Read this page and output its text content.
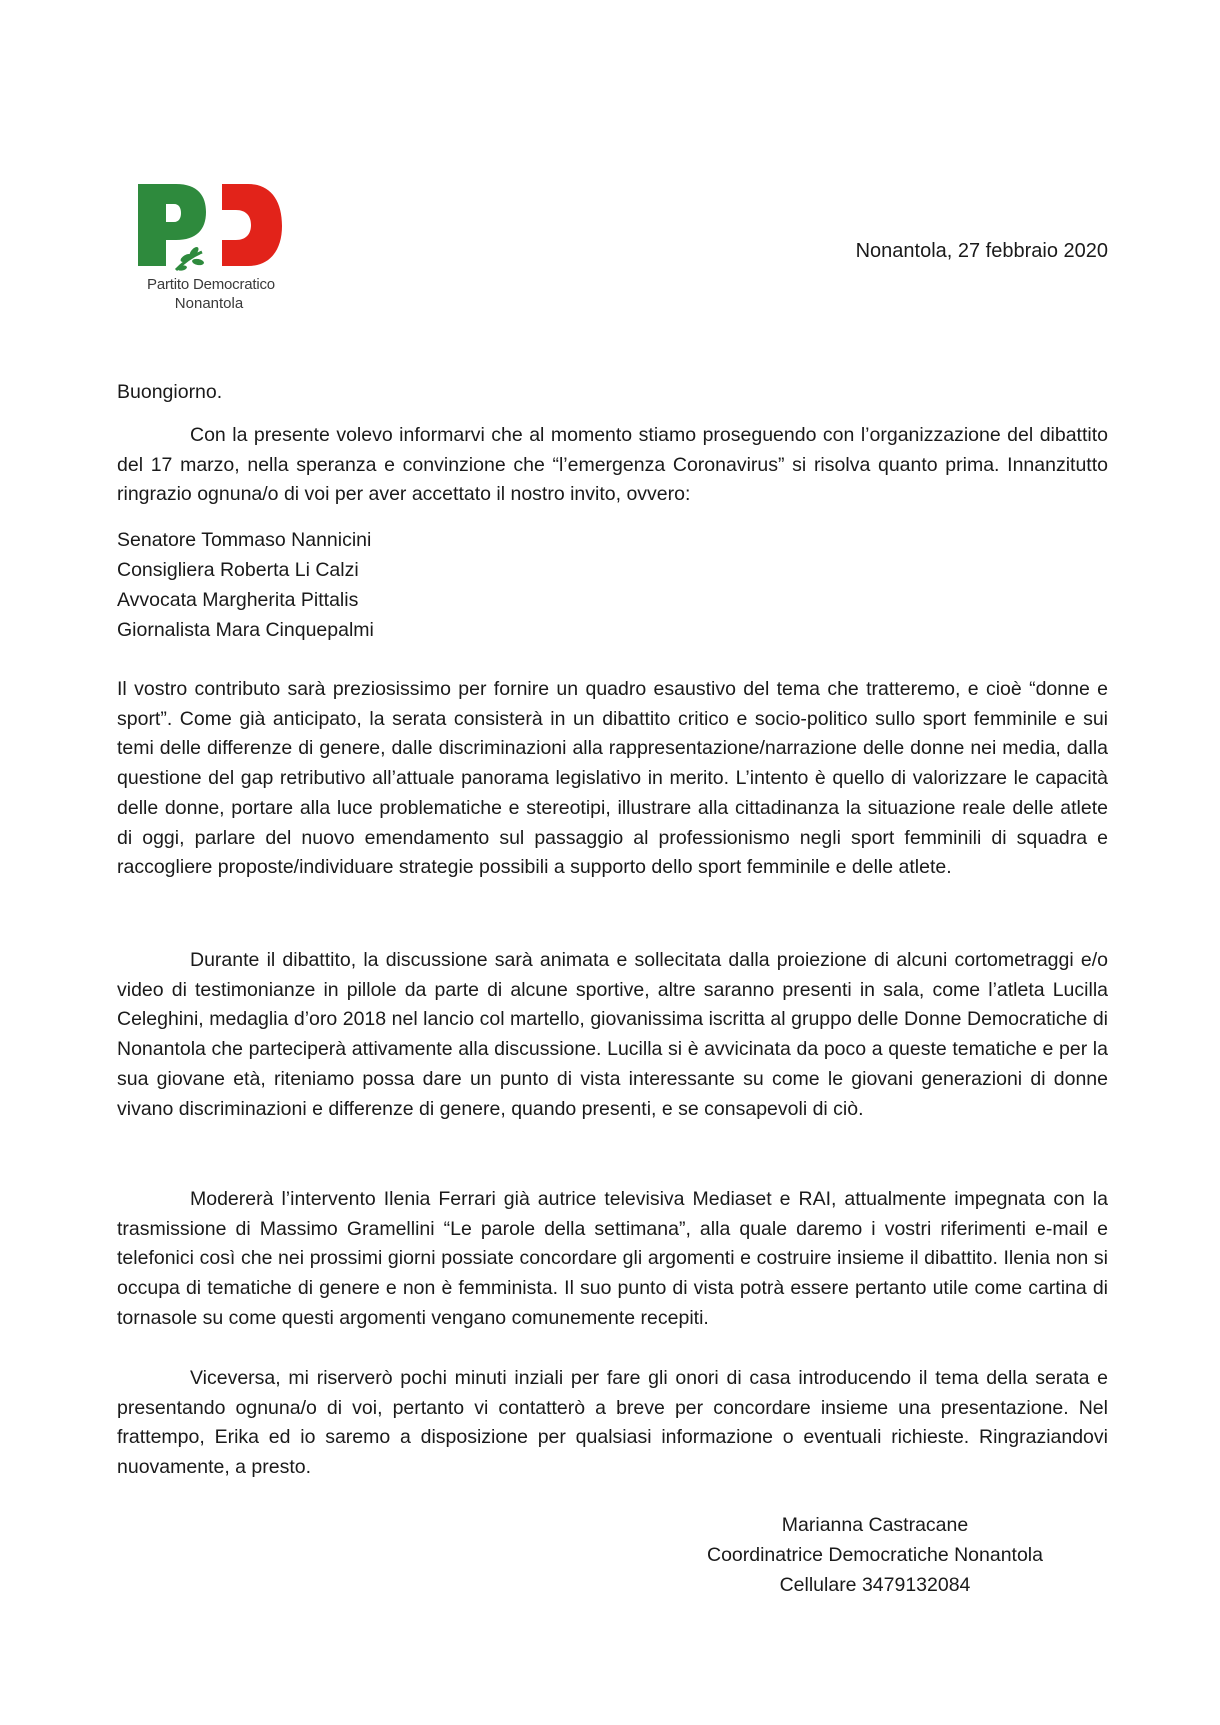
Partito Democratico
Nonantola
Nonantola, 27 febbraio 2020
Buongiorno.

Con la presente volevo informarvi che al momento stiamo proseguendo con l’organizzazione del dibattito del 17 marzo, nella speranza e convinzione che “l’emergenza Coronavirus” si risolva quanto prima. Innanzitutto ringrazio ognuna/o di voi per aver accettato il nostro invito, ovvero:

Senatore Tommaso Nannicini
Consigliera Roberta Li Calzi
Avvocata Margherita Pittalis
Giornalista Mara Cinquepalmi

Il vostro contributo sarà preziosissimo per fornire un quadro esaustivo del tema che tratteremo, e cioè “donne e sport”. Come già anticipato, la serata consisterà in un dibattito critico e socio-politico sullo sport femminile e sui temi delle differenze di genere, dalle discriminazioni alla rappresentazione/narrazione delle donne nei media, dalla questione del gap retributivo all’attuale panorama legislativo in merito. L’intento è quello di valorizzare le capacità delle donne, portare alla luce problematiche e stereotipi, illustrare alla cittadinanza la situazione reale delle atlete di oggi, parlare del nuovo emendamento sul passaggio al professionismo negli sport femminili di squadra e raccogliere proposte/individuare strategie possibili a supporto dello sport femminile e delle atlete.

Durante il dibattito, la discussione sarà animata e sollecitata dalla proiezione di alcuni cortometraggi e/o video di testimonianze in pillole da parte di alcune sportive, altre saranno presenti in sala, come l’atleta Lucilla Celeghini, medaglia d’oro 2018 nel lancio col martello, giovanissima iscritta al gruppo delle Donne Democratiche di Nonantola che parteciperà attivamente alla discussione. Lucilla si è avvicinata da poco a queste tematiche e per la sua giovane età, riteniamo possa dare un punto di vista interessante su come le giovani generazioni di donne vivano discriminazioni e differenze di genere, quando presenti, e se consapevoli di ciò.

Modererà l’intervento Ilenia Ferrari già autrice televisiva Mediaset e RAI, attualmente impegnata con la trasmissione di Massimo Gramellini “Le parole della settimana”, alla quale daremo i vostri riferimenti e-mail e telefonici così che nei prossimi giorni possiate concordare gli argomenti e costruire insieme il dibattito. Ilenia non si occupa di tematiche di genere e non è femminista. Il suo punto di vista potrà essere pertanto utile come cartina di tornasole su come questi argomenti vengano comunemente recepiti.

Viceversa, mi riserverò pochi minuti inziali per fare gli onori di casa introducendo il tema della serata e presentando ognuna/o di voi, pertanto vi contatterò a breve per concordare insieme una presentazione. Nel frattempo, Erika ed io saremo a disposizione per qualsiasi informazione o eventuali richieste. Ringraziandovi nuovamente, a presto.

Marianna Castracane
Coordinatrice Democratiche Nonantola
Cellulare 3479132084
